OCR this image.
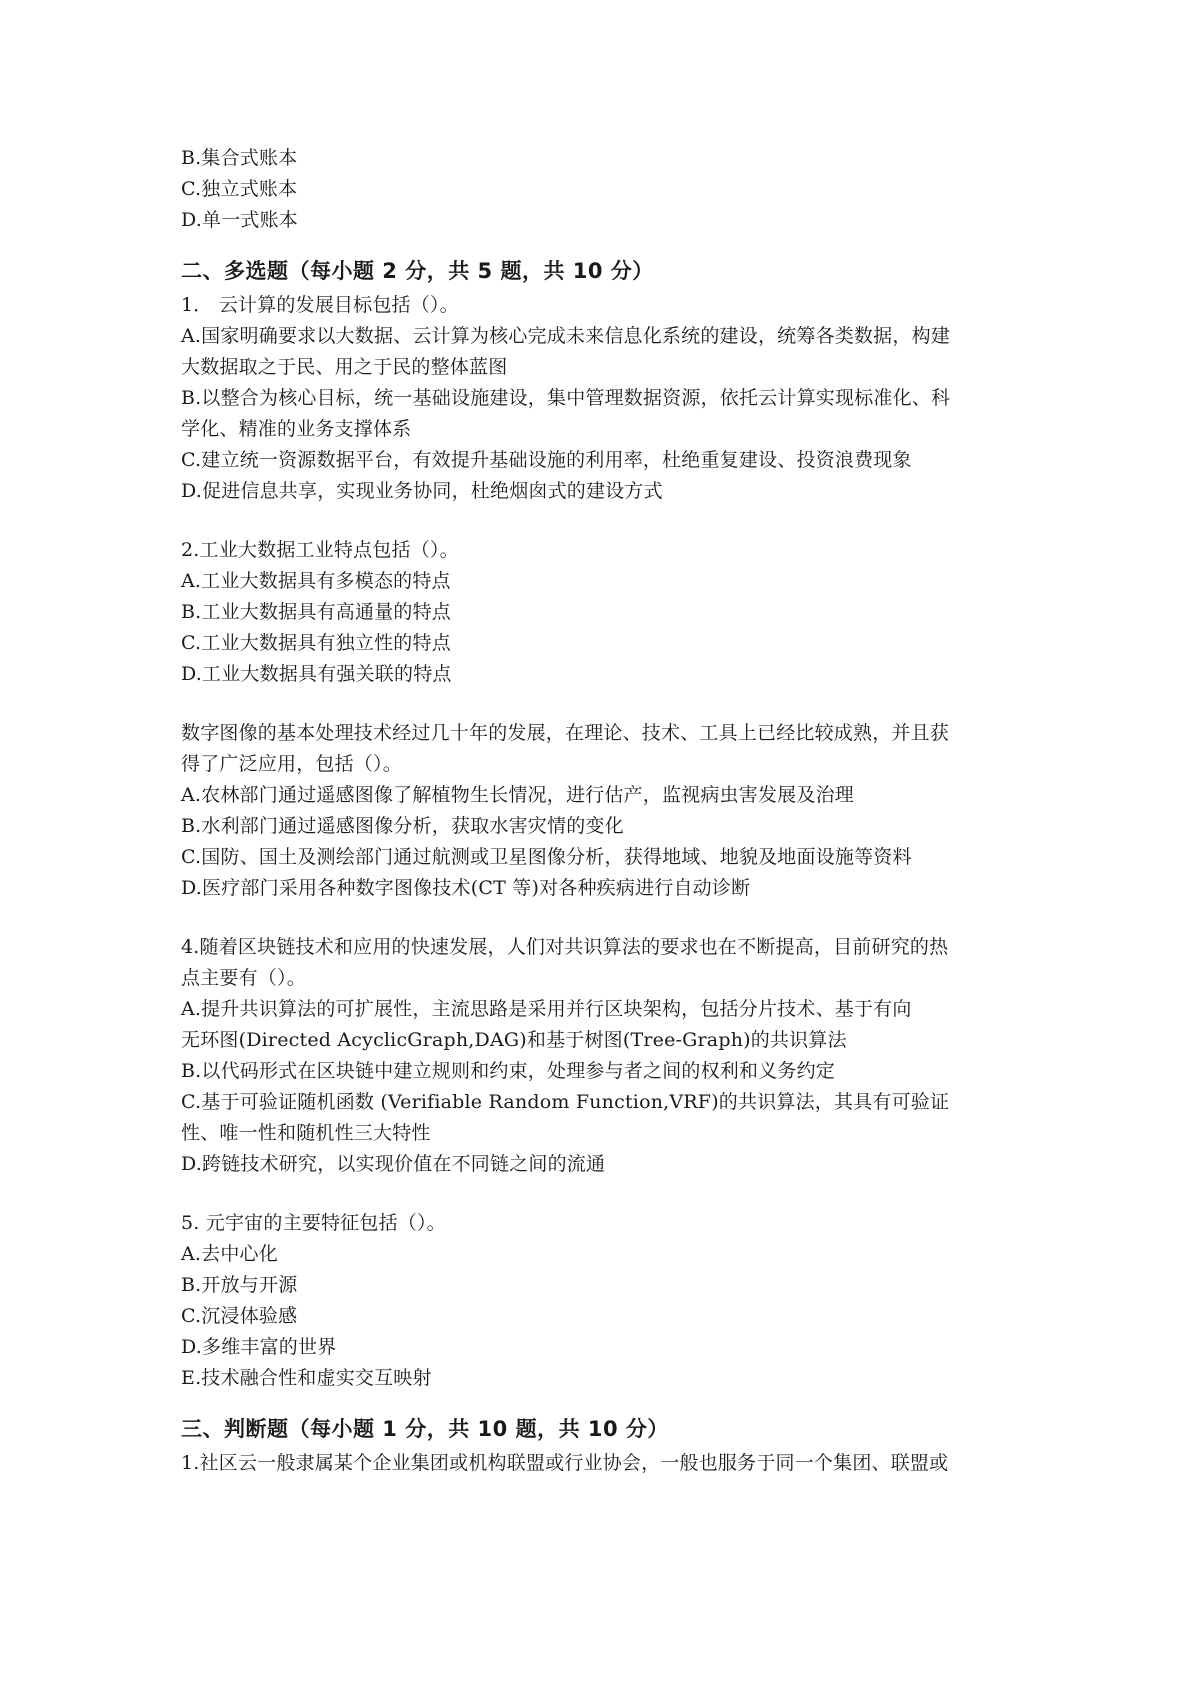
B.集合式账本
C.独立式账本
D.单一式账本
二、多选题（每小题 2 分，共 5 题，共 10 分）
1． 云计算的发展目标包括（）。
A.国家明确要求以大数据、云计算为核心完成未来信息化系统的建设，统筹各类数据，构建
大数据取之于民、用之于民的整体蓝图
B.以整合为核心目标，统一基础设施建设，集中管理数据资源，依托云计算实现标准化、科
学化、精准的业务支撑体系
C.建立统一资源数据平台，有效提升基础设施的利用率，杜绝重复建设、投资浪费现象
D.促进信息共享，实现业务协同，杜绝烟囱式的建设方式
2.工业大数据工业特点包括（）。
A.工业大数据具有多模态的特点
B.工业大数据具有高通量的特点
C.工业大数据具有独立性的特点
D.工业大数据具有强关联的特点
数字图像的基本处理技术经过几十年的发展，在理论、技术、工具上已经比较成熟，并且获
得了广泛应用，包括（）。
A.农林部门通过遥感图像了解植物生长情况，进行估产，监视病虫害发展及治理
B.水利部门通过遥感图像分析，获取水害灾情的变化
C.国防、国土及测绘部门通过航测或卫星图像分析，获得地域、地貌及地面设施等资料
D.医疗部门采用各种数字图像技术(CT 等)对各种疾病进行自动诊断
4.随着区块链技术和应用的快速发展，人们对共识算法的要求也在不断提高，目前研究的热
点主要有（）。
A.提升共识算法的可扩展性，主流思路是采用并行区块架构，包括分片技术、基于有向
无环图(Directed AcyclicGraph,DAG)和基于树图(Tree-Graph)的共识算法
B.以代码形式在区块链中建立规则和约束，处理参与者之间的权利和义务约定
C.基于可验证随机函数 (Verifiable Random Function,VRF)的共识算法，其具有可验证
性、唯一性和随机性三大特性
D.跨链技术研究，以实现价值在不同链之间的流通
5. 元宇宙的主要特征包括（）。
A.去中心化
B.开放与开源
C.沉浸体验感
D.多维丰富的世界
E.技术融合性和虚实交互映射
三、判断题（每小题 1 分，共 10 题，共 10 分）
1.社区云一般隶属某个企业集团或机构联盟或行业协会，一般也服务于同一个集团、联盟或
